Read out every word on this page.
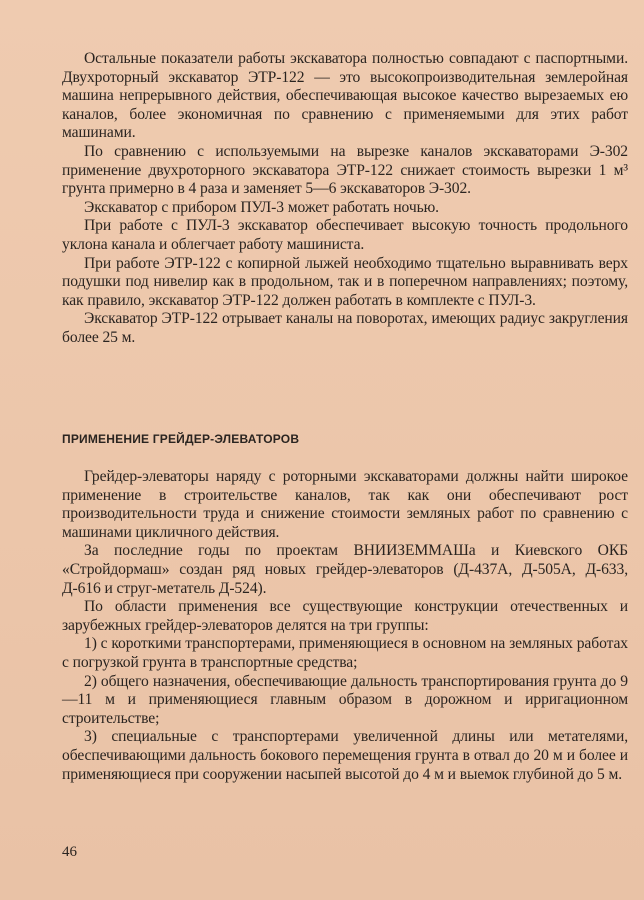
Остальные показатели работы экскаватора полностью совпадают с паспортными. Двухроторный экскаватор ЭТР-122 — это высокопроизводительная землеройная машина непрерывного действия, обеспечивающая высокое качество вырезаемых ею каналов, более экономичная по сравнению с применяемыми для этих работ машинами.

По сравнению с используемыми на вырезке каналов экскаваторами Э-302 применение двухроторного экскаватора ЭТР-122 снижает стоимость вырезки 1 м³ грунта примерно в 4 раза и заменяет 5—6 экскаваторов Э-302.

Экскаватор с прибором ПУЛ-3 может работать ночью.

При работе с ПУЛ-3 экскаватор обеспечивает высокую точность продольного уклона канала и облегчает работу машиниста.

При работе ЭТР-122 с копирной лыжей необходимо тщательно выравнивать верх подушки под нивелир как в продольном, так и в поперечном направлениях; поэтому, как правило, экскаватор ЭТР-122 должен работать в комплекте с ПУЛ-3.

Экскаватор ЭТР-122 отрывает каналы на поворотах, имеющих радиус закругления более 25 м.

ПРИМЕНЕНИЕ ГРЕЙДЕР-ЭЛЕВАТОРОВ

Грейдер-элеваторы наряду с роторными экскаваторами должны найти широкое применение в строительстве каналов, так как они обеспечивают рост производительности труда и снижение стоимости земляных работ по сравнению с машинами цикличного действия.

За последние годы по проектам ВНИИЗЕММАШа и Киевского ОКБ «Стройдормаш» создан ряд новых грейдер-элеваторов (Д-437А, Д-505А, Д-633, Д-616 и струг-метатель Д-524).

По области применения все существующие конструкции отечественных и зарубежных грейдер-элеваторов делятся на три группы:

1) с короткими транспортерами, применяющиеся в основном на земляных работах с погрузкой грунта в транспортные средства;

2) общего назначения, обеспечивающие дальность транспортирования грунта до 9—11 м и применяющиеся главным образом в дорожном и ирригационном строительстве;

3) специальные с транспортерами увеличенной длины или метателями, обеспечивающими дальность бокового перемещения грунта в отвал до 20 м и более и применяющиеся при сооружении насыпей высотой до 4 м и выемок глубиной до 5 м.

46
